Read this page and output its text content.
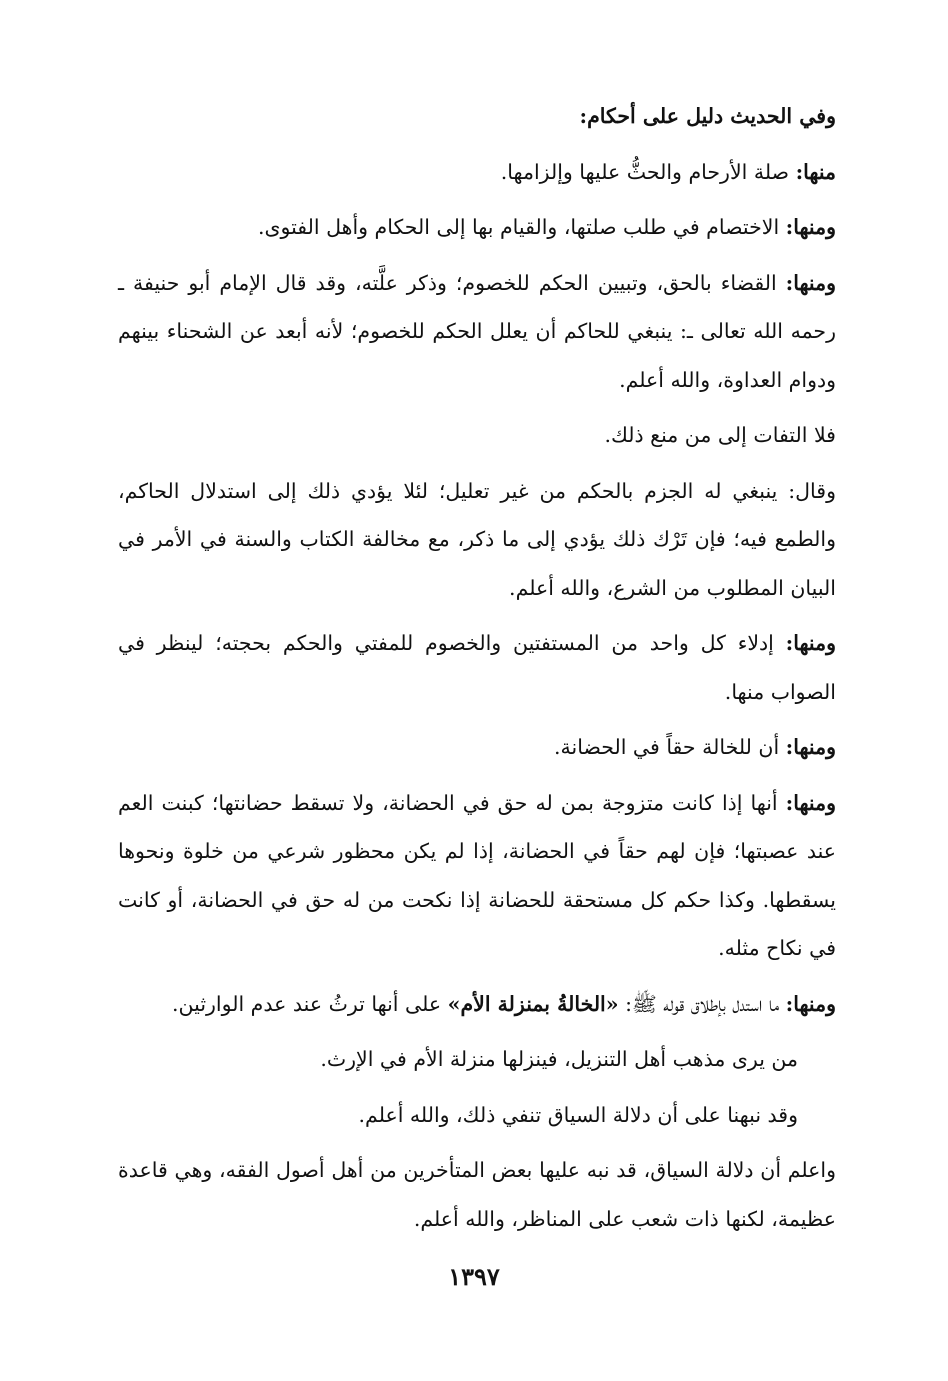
وفي الحديث دليل على أحكام:

منها: صلة الأرحام والحثُّ عليها وإلزامها.

ومنها: الاختصام في طلب صلتها، والقيام بها إلى الحكام وأهل الفتوى.

ومنها: القضاء بالحق، وتبيين الحكم للخصوم؛ وذكر علَّته، وقد قال الإمام أبو حنيفة ـ رحمه الله تعالى ـ: ينبغي للحاكم أن يعلل الحكم للخصوم؛ لأنه أبعد عن الشحناء بينهم ودوام العداوة، والله أعلم.

فلا التفات إلى من منع ذلك.

وقال: ينبغي له الجزم بالحكم من غير تعليل؛ لئلا يؤدي ذلك إلى استدلال الحاكم، والطمع فيه؛ فإن تَرْك ذلك يؤدي إلى ما ذكر، مع مخالفة الكتاب والسنة في الأمر في البيان المطلوب من الشرع، والله أعلم.

ومنها: إدلاء كل واحد من المستفتين والخصوم للمفتي والحكم بحجته؛ لينظر في الصواب منها.

ومنها: أن للخالة حقاً في الحضانة.

ومنها: أنها إذا كانت متزوجة بمن له حق في الحضانة، ولا تسقط حضانتها؛ كبنت العم عند عصبتها؛ فإن لهم حقاً في الحضانة، إذا لم يكن محظور شرعي من خلوة ونحوها يسقطها. وكذا حكم كل مستحقة للحضانة إذا نكحت من له حق في الحضانة، أو كانت في نكاح مثله.

ومنها: ما استدل بإطلاق قوله ﷺ: «الخالةُ بمنزلة الأم» على أنها ترثُ عند عدم الوارثين.

من يرى مذهب أهل التنزيل، فينزلها منزلة الأم في الإرث.

وقد نبهنا على أن دلالة السياق تنفي ذلك، والله أعلم.

واعلم أن دلالة السياق، قد نبه عليها بعض المتأخرين من أهل أصول الفقه، وهي قاعدة عظيمة، لكنها ذات شعب على المناظر، والله أعلم.

١٣٩٧
